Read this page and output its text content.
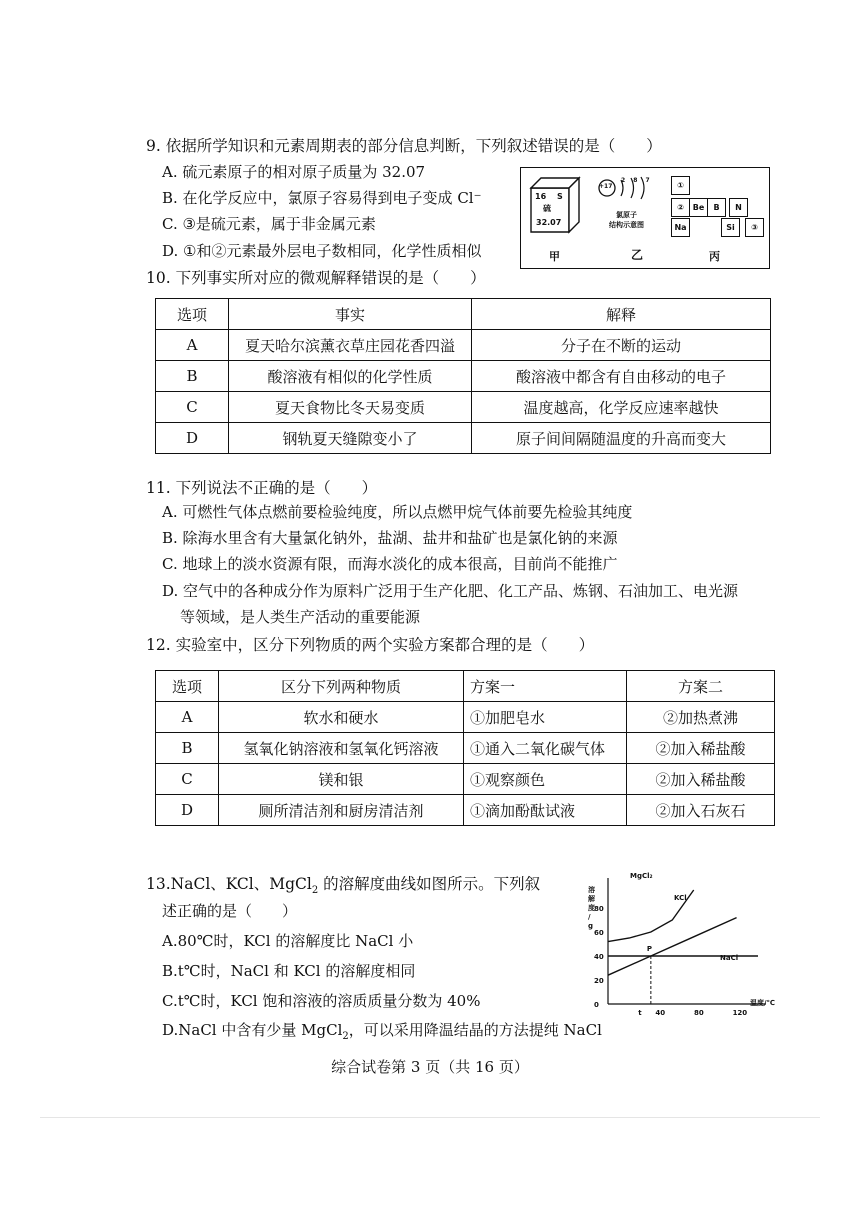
9. 依据所学知识和元素周期表的部分信息判断，下列叙述错误的是（　　）
A. 硫元素原子的相对原子质量为 32.07
B. 在化学反应中，氯原子容易得到电子变成 Cl⁻
C. ③是硫元素，属于非金属元素
D. ①和②元素最外层电子数相同，化学性质相似
16 S
硫
32.07
+17
2 8 7
氯原子
结构示意图
①
②	Be	B	N
Na	Si	③
甲	乙	丙
10. 下列事实所对应的微观解释错误的是（　　）
选项	事实	解释
A	夏天哈尔滨薰衣草庄园花香四溢	分子在不断的运动
B	酸溶液有相似的化学性质	酸溶液中都含有自由移动的电子
C	夏天食物比冬天易变质	温度越高，化学反应速率越快
D	钢轨夏天缝隙变小了	原子间间隔随温度的升高而变大
11. 下列说法不正确的是（　　）
A. 可燃性气体点燃前要检验纯度，所以点燃甲烷气体前要先检验其纯度
B. 除海水里含有大量氯化钠外，盐湖、盐井和盐矿也是氯化钠的来源
C. 地球上的淡水资源有限，而海水淡化的成本很高，目前尚不能推广
D. 空气中的各种成分作为原料广泛用于生产化肥、化工产品、炼钢、石油加工、电光源
等领域，是人类生产活动的重要能源
12. 实验室中，区分下列物质的两个实验方案都合理的是（　　）
选项	区分下列两种物质	方案一	方案二
A	软水和硬水	①加肥皂水	②加热煮沸
B	氢氧化钠溶液和氢氧化钙溶液	①通入二氧化碳气体	②加入稀盐酸
C	镁和银	①观察颜色	②加入稀盐酸
D	厕所清洁剂和厨房清洁剂	①滴加酚酞试液	②加入石灰石
13.NaCl、KCl、MgCl$_2$ 的溶解度曲线如图所示。下列叙
述正确的是（　　）
A.80℃时，KCl 的溶解度比 NaCl 小
B.t℃时，NaCl 和 KCl 的溶解度相同
C.t℃时，KCl 饱和溶液的溶质质量分数为 40%
D.NaCl 中含有少量 MgCl$_2$，可以采用降温结晶的方法提纯 NaCl
溶
解
度
/
g
温度/℃
0
20
40
60
80
t 40	80	120
MgCl₂
KCl
NaCl
P
综合试卷第 3 页（共 16 页）
